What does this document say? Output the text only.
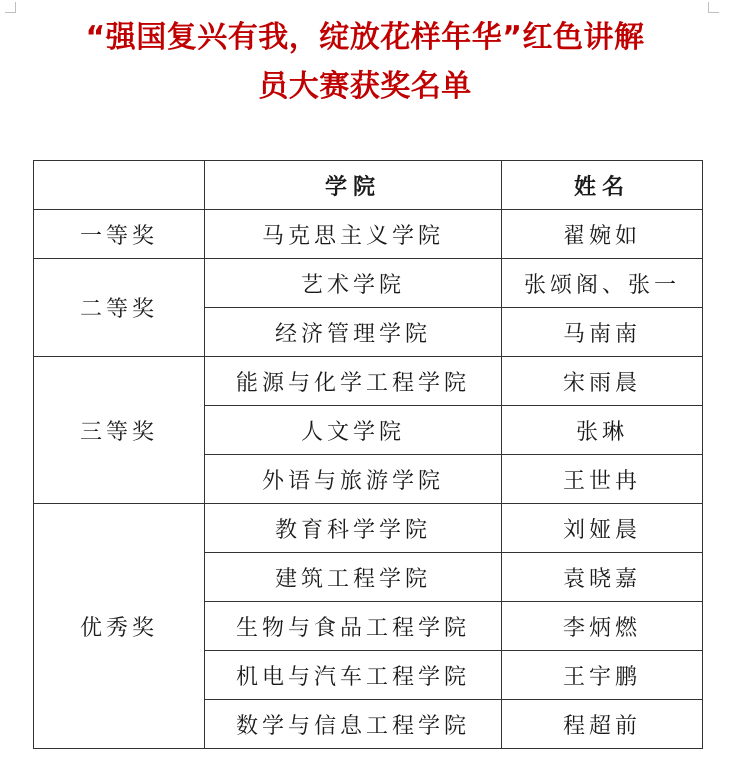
“强国复兴有我，绽放花样年华”红色讲解
员大赛获奖名单
	学院	姓名
一等奖	马克思主义学院	翟婉如
二等奖	艺术学院	张颂阁、张一
	经济管理学院	马南南
三等奖	能源与化学工程学院	宋雨晨
	人文学院	张琳
	外语与旅游学院	王世冉
优秀奖	教育科学学院	刘娅晨
	建筑工程学院	袁晓嘉
	生物与食品工程学院	李炳燃
	机电与汽车工程学院	王宇鹏
	数学与信息工程学院	程超前
